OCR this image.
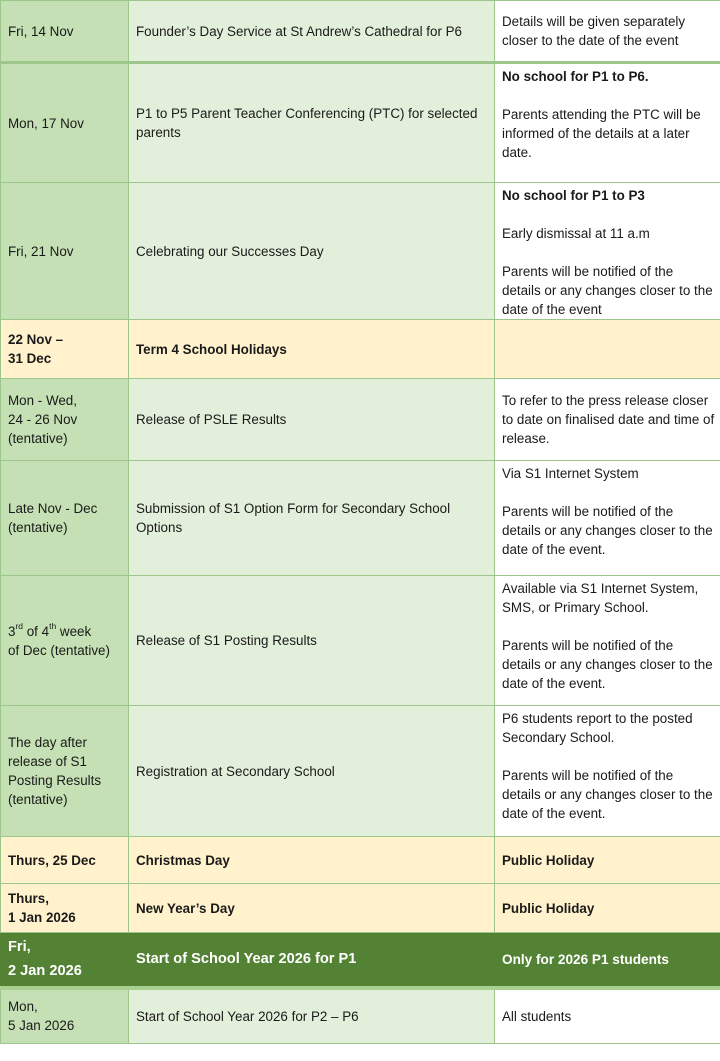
Fri, 14 Nov	Founder’s Day Service at St Andrew’s Cathedral for P6	Details will be given separately closer to the date of the event
Mon, 17 Nov	P1 to P5 Parent Teacher Conferencing (PTC) for selected parents	No school for P1 to P6.
Parents attending the PTC will be informed of the details at a later date.

Fri, 21 Nov	Celebrating our Successes Day	No school for P1 to P3
Early dismissal at 11 a.m
Parents will be notified of the details or any changes closer to the date of the event

22 Nov –
31 Dec	Term 4 School Holidays	

Mon - Wed,
24 - 26 Nov
(tentative)	Release of PSLE Results	To refer to the press release closer to date on finalised date and time of release.

Late Nov - Dec
(tentative)	Submission of S1 Option Form for Secondary School Options	Via S1 Internet System
Parents will be notified of the details or any changes closer to the date of the event.

3rd of 4th week
of Dec (tentative)	Release of S1 Posting Results	Available via S1 Internet System, SMS, or Primary School.
Parents will be notified of the details or any changes closer to the date of the event.

The day after
release of S1
Posting Results
(tentative)	Registration at Secondary School	P6 students report to the posted Secondary School.
Parents will be notified of the details or any changes closer to the date of the event.

Thurs, 25 Dec	Christmas Day	Public Holiday

Thurs,
1 Jan 2026	New Year’s Day	Public Holiday

Fri,
2 Jan 2026	Start of School Year 2026 for P1	Only for 2026 P1 students

Mon,
5 Jan 2026	Start of School Year 2026 for P2 – P6	All students
